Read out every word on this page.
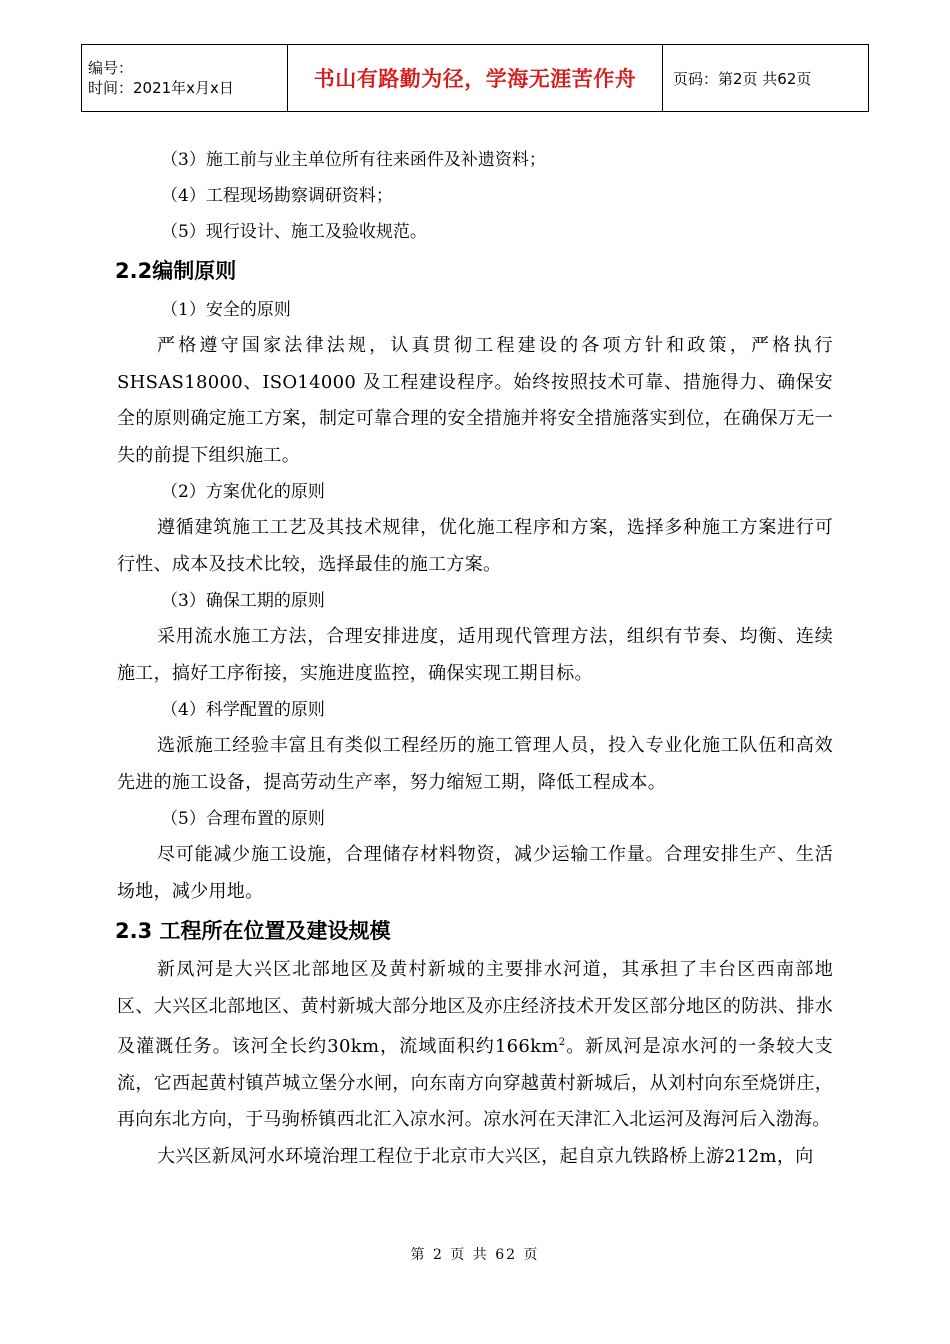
编号：
时间：2021年x月x日	书山有路勤为径，学海无涯苦作舟	页码：第2页 共62页

（3）施工前与业主单位所有往来函件及补遗资料；

（4）工程现场勘察调研资料；

（5）现行设计、施工及验收规范。

2.2编制原则

（1）安全的原则

严格遵守国家法律法规，认真贯彻工程建设的各项方针和政策，严格执行SHSAS18000、ISO14000 及工程建设程序。始终按照技术可靠、措施得力、确保安全的原则确定施工方案，制定可靠合理的安全措施并将安全措施落实到位，在确保万无一失的前提下组织施工。

（2）方案优化的原则

遵循建筑施工工艺及其技术规律，优化施工程序和方案，选择多种施工方案进行可行性、成本及技术比较，选择最佳的施工方案。

（3）确保工期的原则

采用流水施工方法，合理安排进度，适用现代管理方法，组织有节奏、均衡、连续施工，搞好工序衔接，实施进度监控，确保实现工期目标。

（4）科学配置的原则

选派施工经验丰富且有类似工程经历的施工管理人员，投入专业化施工队伍和高效先进的施工设备，提高劳动生产率，努力缩短工期，降低工程成本。

（5）合理布置的原则

尽可能减少施工设施，合理储存材料物资，减少运输工作量。合理安排生产、生活场地，减少用地。

2.3 工程所在位置及建设规模

新凤河是大兴区北部地区及黄村新城的主要排水河道，其承担了丰台区西南部地区、大兴区北部地区、黄村新城大部分地区及亦庄经济技术开发区部分地区的防洪、排水及灌溉任务。该河全长约30km，流域面积约$166km^2$。新凤河是凉水河的一条较大支流，它西起黄村镇芦城立堡分水闸，向东南方向穿越黄村新城后，从刘村向东至烧饼庄，再向东北方向，于马驹桥镇西北汇入凉水河。凉水河在天津汇入北运河及海河后入渤海。

大兴区新凤河水环境治理工程位于北京市大兴区，起自京九铁路桥上游212m，向

第 2 页 共 62 页
